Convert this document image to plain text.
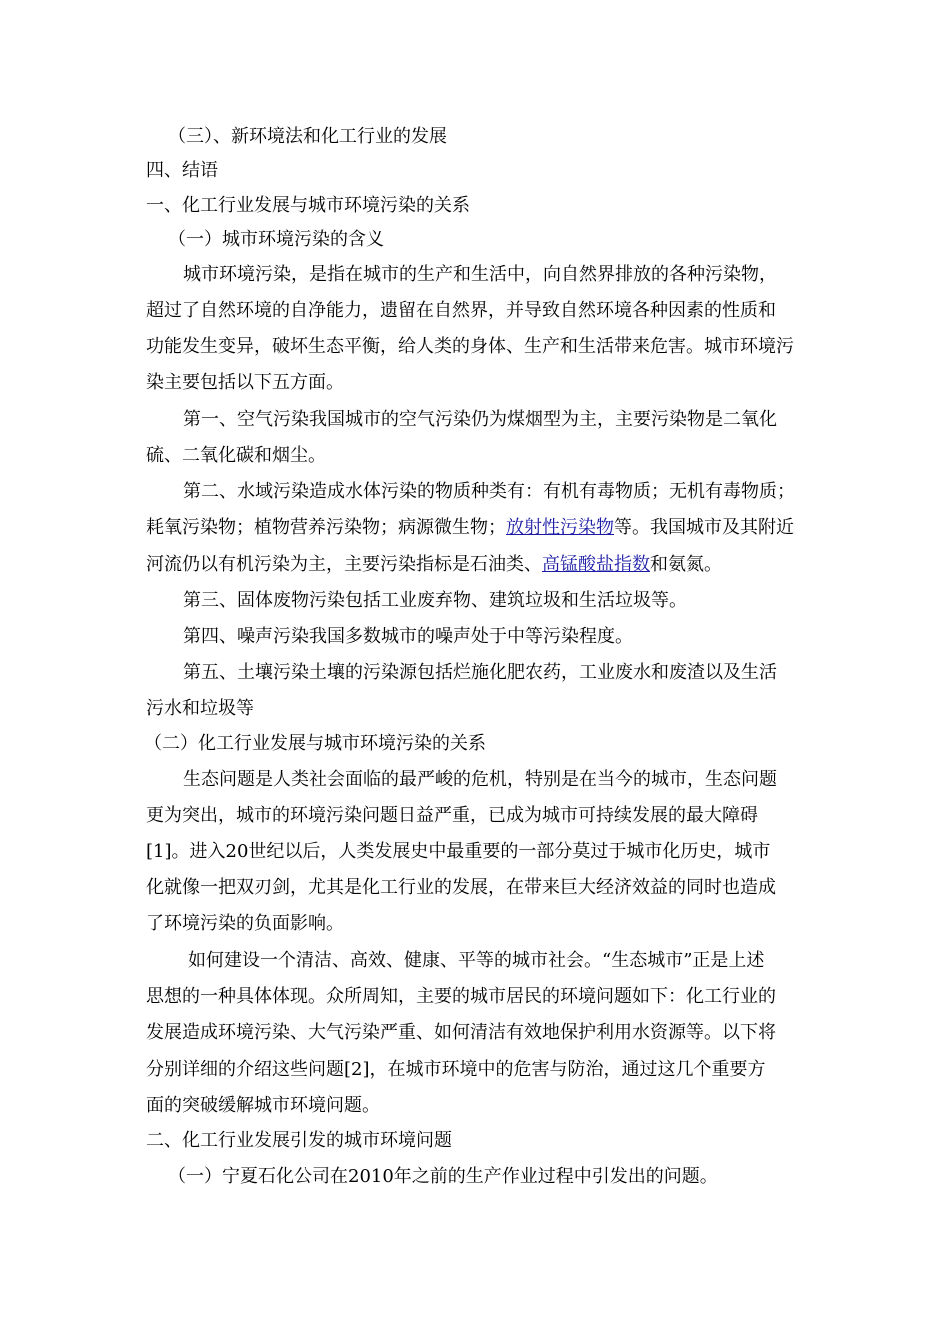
（三）、新环境法和化工行业的发展
四、结语
一、化工行业发展与城市环境污染的关系
（一）城市环境污染的含义
城市环境污染，是指在城市的生产和生活中，向自然界排放的各种污染物，
超过了自然环境的自净能力，遗留在自然界，并导致自然环境各种因素的性质和
功能发生变异，破坏生态平衡，给人类的身体、生产和生活带来危害。城市环境污
染主要包括以下五方面。
第一、空气污染我国城市的空气污染仍为煤烟型为主，主要污染物是二氧化
硫、二氧化碳和烟尘。
第二、水域污染造成水体污染的物质种类有：有机有毒物质；无机有毒物质；
耗氧污染物；植物营养污染物；病源微生物；放射性污染物等。我国城市及其附近
河流仍以有机污染为主，主要污染指标是石油类、高锰酸盐指数和氨氮。
第三、固体废物污染包括工业废弃物、建筑垃圾和生活垃圾等。
第四、噪声污染我国多数城市的噪声处于中等污染程度。
第五、土壤污染土壤的污染源包括烂施化肥农药，工业废水和废渣以及生活
污水和垃圾等
（二）化工行业发展与城市环境污染的关系
生态问题是人类社会面临的最严峻的危机，特别是在当今的城市，生态问题
更为突出，城市的环境污染问题日益严重，已成为城市可持续发展的最大障碍
[1]。进入20世纪以后，人类发展史中最重要的一部分莫过于城市化历史，城市
化就像一把双刃剑，尤其是化工行业的发展，在带来巨大经济效益的同时也造成
了环境污染的负面影响。
如何建设一个清洁、高效、健康、平等的城市社会。“生态城市”正是上述
思想的一种具体体现。众所周知，主要的城市居民的环境问题如下：化工行业的
发展造成环境污染、大气污染严重、如何清洁有效地保护利用水资源等。以下将
分别详细的介绍这些问题[2]，在城市环境中的危害与防治，通过这几个重要方
面的突破缓解城市环境问题。
二、化工行业发展引发的城市环境问题
（一）宁夏石化公司在2010年之前的生产作业过程中引发出的问题。
